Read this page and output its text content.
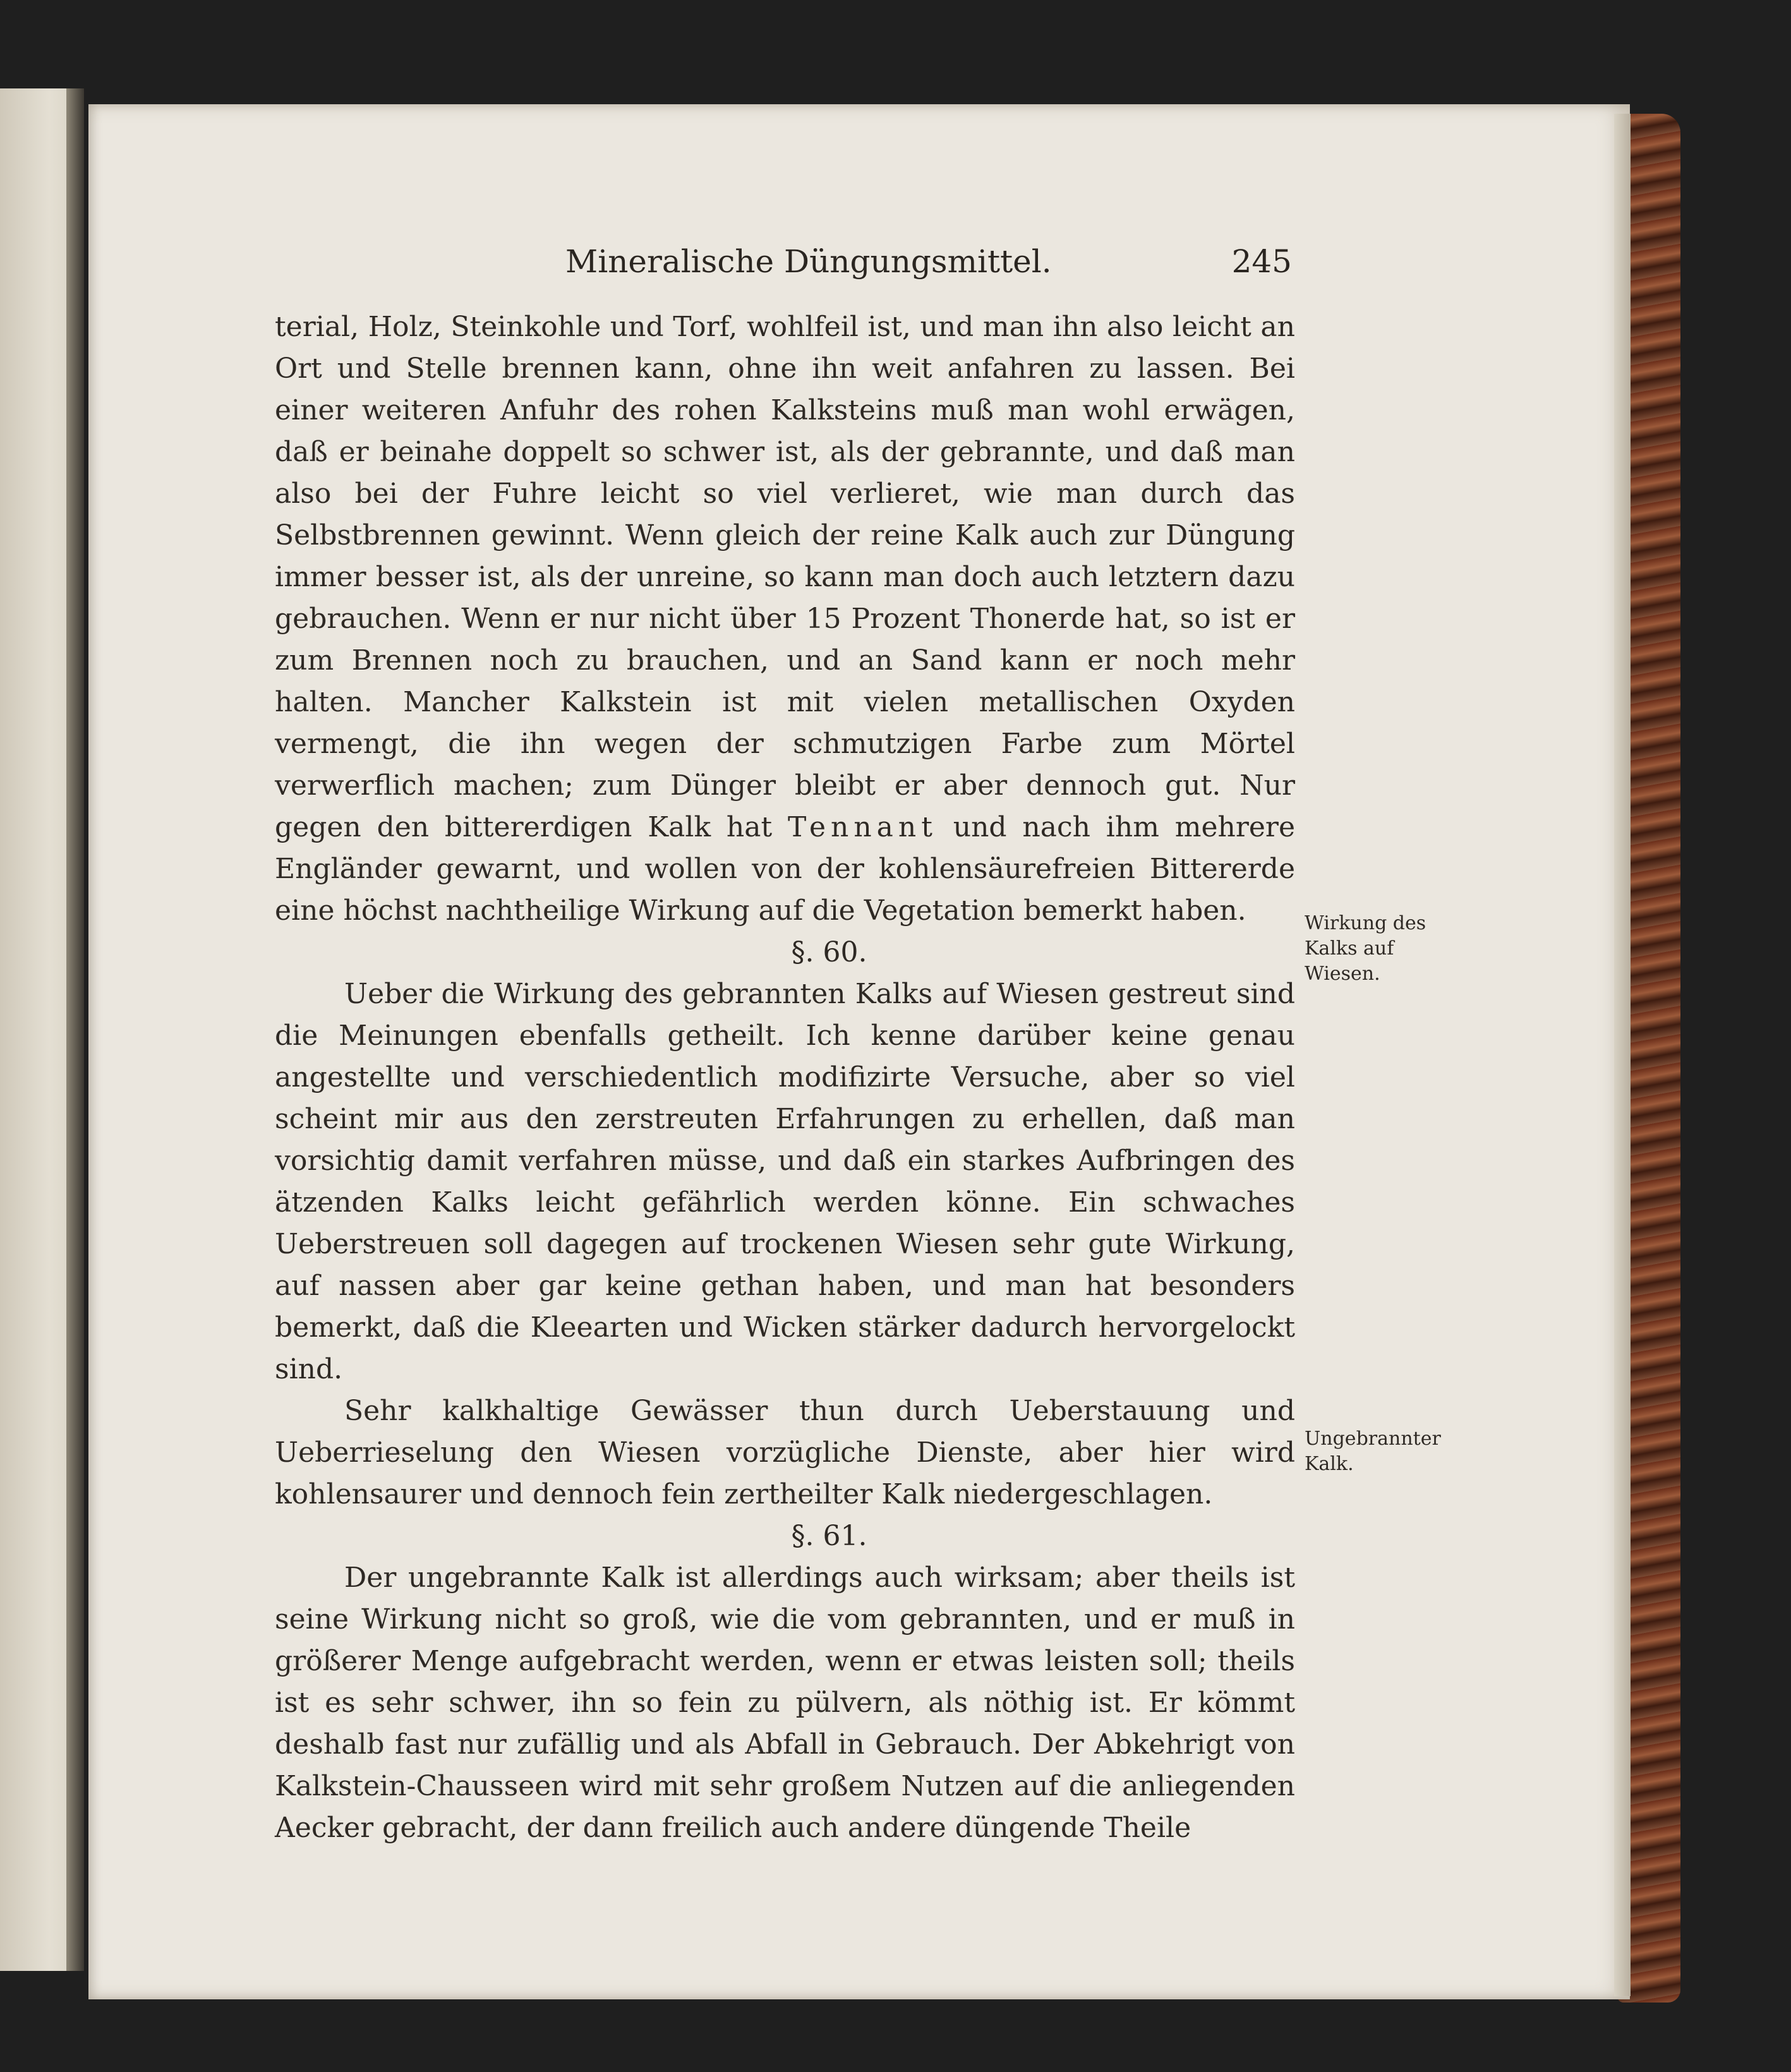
Mineralische Düngungsmittel.	245

terial, Holz, Steinkohle und Torf, wohlfeil ist, und man ihn also leicht an Ort und Stelle brennen kann, ohne ihn weit anfahren zu lassen. Bei einer weiteren Anfuhr des rohen Kalksteins muß man wohl erwägen, daß er beinahe doppelt so schwer ist, als der gebrannte, und daß man also bei der Fuhre leicht so viel verlieret, wie man durch das Selbstbrennen gewinnt. Wenn gleich der reine Kalk auch zur Düngung immer besser ist, als der unreine, so kann man doch auch letztern dazu gebrauchen. Wenn er nur nicht über 15 Prozent Thonerde hat, so ist er zum Brennen noch zu brauchen, und an Sand kann er noch mehr halten. Mancher Kalkstein ist mit vielen metallischen Oxyden vermengt, die ihn wegen der schmutzigen Farbe zum Mörtel verwerflich machen; zum Dünger bleibt er aber dennoch gut. Nur gegen den bittererdigen Kalk hat Tennant und nach ihm mehrere Engländer gewarnt, und wollen von der kohlensäurefreien Bittererde eine höchst nachtheilige Wirkung auf die Vegetation bemerkt haben.

§. 60.

Ueber die Wirkung des gebrannten Kalks auf Wiesen gestreut sind die Meinungen ebenfalls getheilt. Ich kenne darüber keine genau angestellte und verschiedentlich modifizirte Versuche, aber so viel scheint mir aus den zerstreuten Erfahrungen zu erhellen, daß man vorsichtig damit verfahren müsse, und daß ein starkes Aufbringen des ätzenden Kalks leicht gefährlich werden könne. Ein schwaches Ueberstreuen soll dagegen auf trockenen Wiesen sehr gute Wirkung, auf nassen aber gar keine gethan haben, und man hat besonders bemerkt, daß die Kleearten und Wicken stärker dadurch hervorgelockt sind.

Sehr kalkhaltige Gewässer thun durch Ueberstauung und Ueberrieselung den Wiesen vorzügliche Dienste, aber hier wird kohlensaurer und dennoch fein zertheilter Kalk niedergeschlagen.

§. 61.

Der ungebrannte Kalk ist allerdings auch wirksam; aber theils ist seine Wirkung nicht so groß, wie die vom gebrannten, und er muß in größerer Menge aufgebracht werden, wenn er etwas leisten soll; theils ist es sehr schwer, ihn so fein zu pülvern, als nöthig ist. Er kömmt deshalb fast nur zufällig und als Abfall in Gebrauch. Der Abkehrigt von Kalkstein-Chausseen wird mit sehr großem Nutzen auf die anliegenden Aecker gebracht, der dann freilich auch andere düngende Theile

Wirkung des Kalks auf Wiesen.
Ungebrannter Kalk.
